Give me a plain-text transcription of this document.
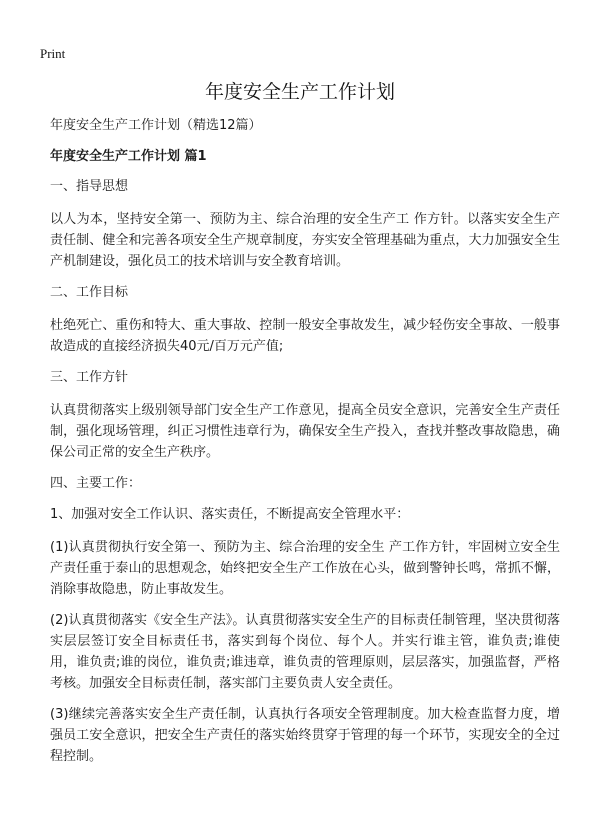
Print
年度安全生产工作计划

年度安全生产工作计划（精选12篇）

年度安全生产工作计划 篇1

一、指导思想

以人为本，坚持安全第一、预防为主、综合治理的安全生产工 作方针。以落实安全生产责任制、健全和完善各项安全生产规章制度，夯实安全管理基础为重点，大力加强安全生产机制建设，强化员工的技术培训与安全教育培训。

二、工作目标

杜绝死亡、重伤和特大、重大事故、控制一般安全事故发生，减少轻伤安全事故、一般事故造成的直接经济损失40元/百万元产值;

三、工作方针

认真贯彻落实上级别领导部门安全生产工作意见，提高全员安全意识，完善安全生产责任制，强化现场管理，纠正习惯性违章行为，确保安全生产投入，查找并整改事故隐患，确保公司正常的安全生产秩序。

四、主要工作：

1、加强对安全工作认识、落实责任，不断提高安全管理水平：

(1)认真贯彻执行安全第一、预防为主、综合治理的安全生 产工作方针，牢固树立安全生产责任重于泰山的思想观念，始终把安全生产工作放在心头，做到警钟长鸣，常抓不懈，消除事故隐患，防止事故发生。

(2)认真贯彻落实《安全生产法》。认真贯彻落实安全生产的目标责任制管理，坚决贯彻落实层层签订安全目标责任书，落实到每个岗位、每个人。并实行谁主管，谁负责;谁使用，谁负责;谁的岗位，谁负责;谁违章，谁负责的管理原则，层层落实，加强监督，严格考核。加强安全目标责任制，落实部门主要负责人安全责任。

(3)继续完善落实安全生产责任制，认真执行各项安全管理制度。加大检查监督力度，增强员工安全意识，把安全生产责任的落实始终贯穿于管理的每一个环节，实现安全的全过程控制。
